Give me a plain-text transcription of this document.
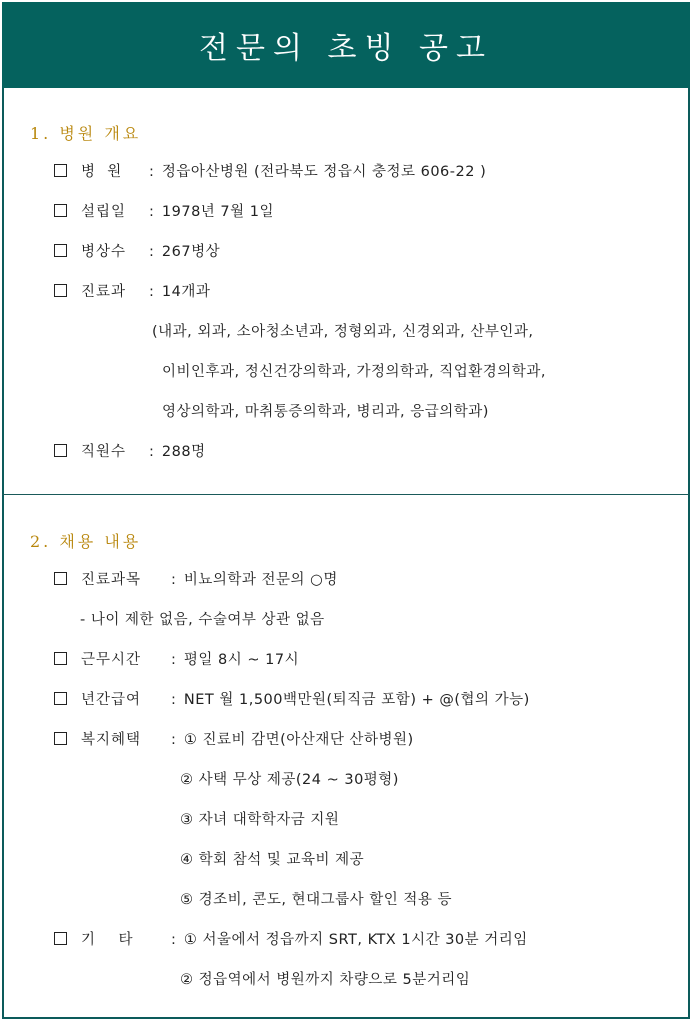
전문의 초빙 공고
1. 병원 개요
병  원 : 정읍아산병원 (전라북도 정읍시 충정로 606-22 )
설립일 : 1978년 7월 1일
병상수 : 267병상
진료과 : 14개과
(내과, 외과, 소아청소년과, 정형외과, 신경외과, 산부인과,
이비인후과, 정신건강의학과, 가정의학과, 직업환경의학과,
영상의학과, 마취통증의학과, 병리과, 응급의학과)
직원수 : 288명
2. 채용 내용
진료과목 : 비뇨의학과 전문의 ○명
- 나이 제한 없음, 수술여부 상관 없음
근무시간 : 평일 8시 ~ 17시
년간급여 : NET 월 1,500백만원(퇴직금 포함) + @(협의 가능)
복지혜택 : ① 진료비 감면(아산재단 산하병원)
② 사택 무상 제공(24 ~ 30평형)
③ 자녀 대학학자금 지원
④ 학회 참석 및 교육비 제공
⑤ 경조비, 콘도, 현대그룹사 할인 적용 등
기    타	: ① 서울에서 정읍까지 SRT, KTX 1시간 30분 거리임
② 정읍역에서 병원까지 차량으로 5분거리임
